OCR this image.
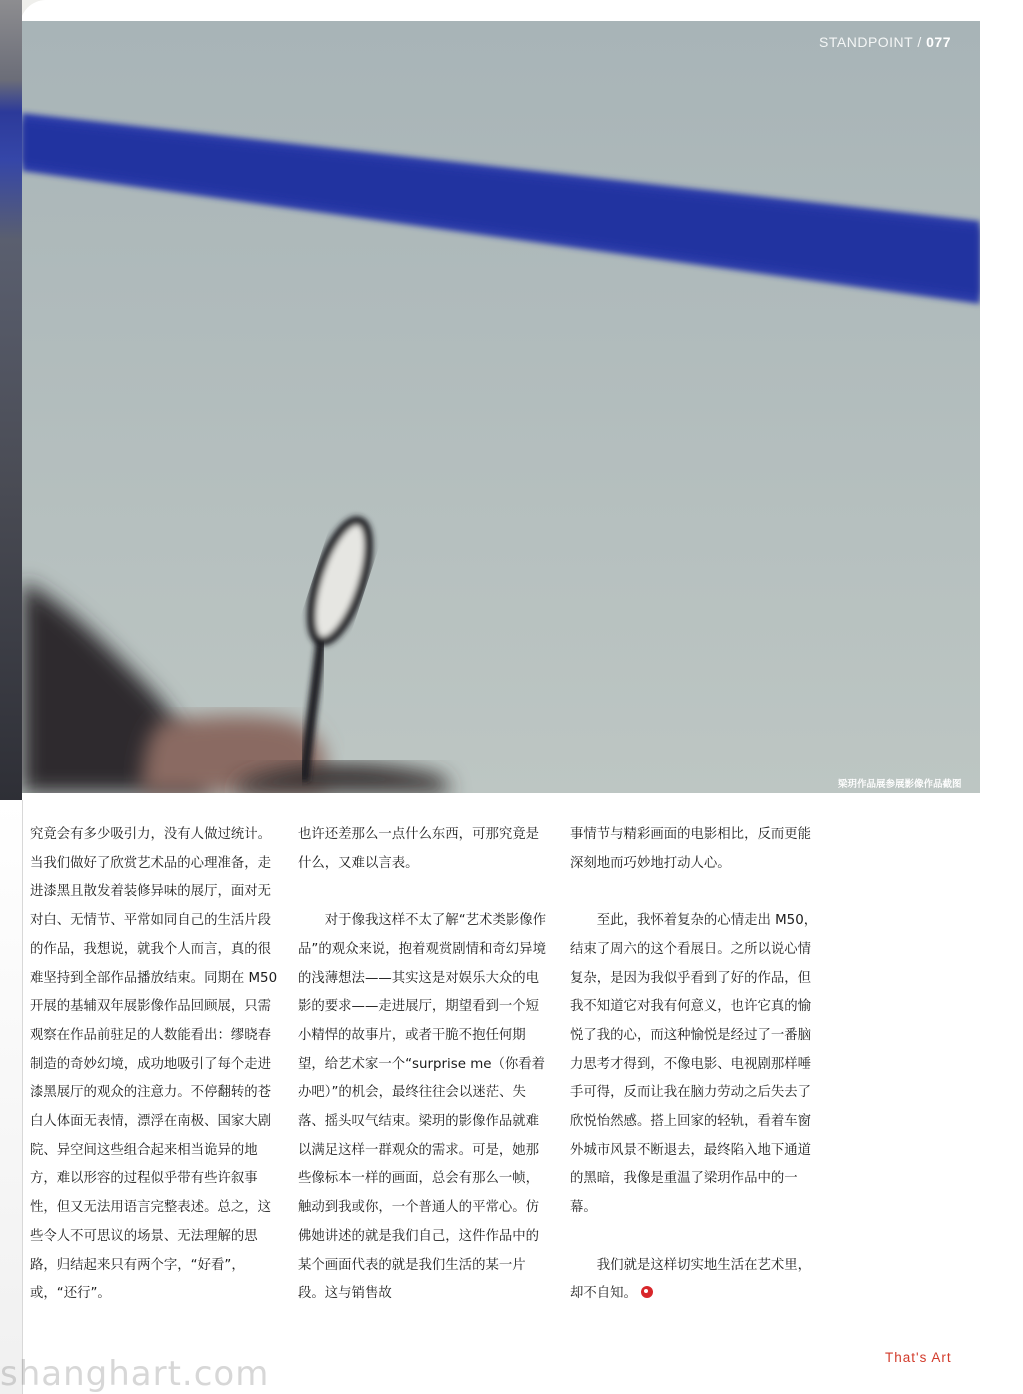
STANDPOINT / 077
梁玥作品展参展影像作品截图

究竟会有多少吸引力，没有人做过统计。当我们做好了欣赏艺术品的心理准备，走进漆黑且散发着装修异味的展厅，面对无对白、无情节、平常如同自己的生活片段的作品，我想说，就我个人而言，真的很难坚持到全部作品播放结束。同期在 M50 开展的基辅双年展影像作品回顾展，只需观察在作品前驻足的人数能看出：缪晓春制造的奇妙幻境，成功地吸引了每个走进漆黑展厅的观众的注意力。不停翻转的苍白人体面无表情，漂浮在南极、国家大剧院、异空间这些组合起来相当诡异的地方，难以形容的过程似乎带有些许叙事性，但又无法用语言完整表述。总之，这些令人不可思议的场景、无法理解的思路，归结起来只有两个字，“好看”，或，“还行”。

也许还差那么一点什么东西，可那究竟是什么，又难以言表。

对于像我这样不太了解“艺术类影像作品”的观众来说，抱着观赏剧情和奇幻异境的浅薄想法——其实这是对娱乐大众的电影的要求——走进展厅，期望看到一个短小精悍的故事片，或者干脆不抱任何期望，给艺术家一个“surprise me（你看着办吧）”的机会，最终往往会以迷茫、失落、摇头叹气结束。梁玥的影像作品就难以满足这样一群观众的需求。可是，她那些像标本一样的画面，总会有那么一帧，触动到我或你，一个普通人的平常心。仿佛她讲述的就是我们自己，这件作品中的某个画面代表的就是我们生活的某一片段。这与销售故

事情节与精彩画面的电影相比，反而更能深刻地而巧妙地打动人心。

至此，我怀着复杂的心情走出 M50，结束了周六的这个看展日。之所以说心情复杂，是因为我似乎看到了好的作品，但我不知道它对我有何意义，也许它真的愉悦了我的心，而这种愉悦是经过了一番脑力思考才得到，不像电影、电视剧那样唾手可得，反而让我在脑力劳动之后失去了欣悦怡然感。搭上回家的轻轨，看着车窗外城市风景不断退去，最终陷入地下通道的黑暗，我像是重温了梁玥作品中的一幕。

我们就是这样切实地生活在艺术里，却不自知。

That's Art
shanghart.com
